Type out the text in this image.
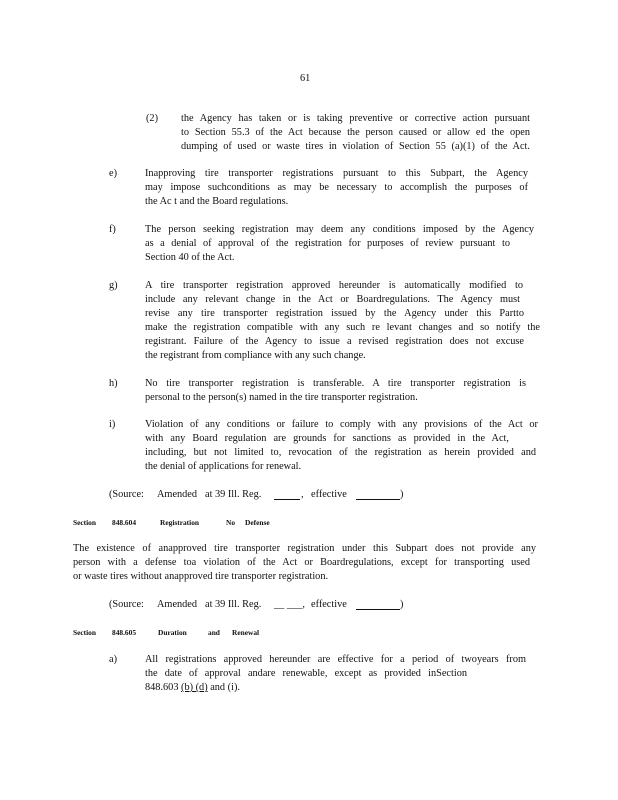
61
(2) the Agency has taken or is taking preventive or corrective action pursuant
to Section 55.3 of the Act because the person caused or allow ed the open
dumping of used or waste tires in violation of Section 55 (a)(1) of the Act.
e)	Inapproving tire transporter registrations pursuant to this Subpart, the Agency
may impose suchconditions as may be necessary to accomplish the purposes of
the Ac t and the Board regulations.
f)	The person seeking registration may deem any conditions imposed by the Agency
as a denial of approval of the registration for purposes of review pursuant to
Section 40 of the Act.
g)	A tire transporter registration approved hereunder is automatically modified to
include any relevant change in the Act or Boardregulations. The Agency must
revise any tire transporter registration issued by the Agency under this Partto
make the registration compatible with any such re levant changes and so notify the
registrant. Failure of the Agency to issue a revised registration does not excuse
the registrant from compliance with any such change.
h)	No tire transporter registration is transferable. A tire transporter registration is
personal to the person(s) named in the tire transporter registration.
i)	Violation of any conditions or failure to comply with any provisions of the Act or
with any Board regulation are grounds for sanctions as provided in the Act,
including, but not limited to, revocation of the registration as herein provided and
the denial of applications for renewal.
(Source: Amended at 39 Ill. Reg.	, effective	)
Section 848.604	Registration	No Defense
The existence of anapproved tire transporter registration under this Subpart does not provide any
person with a defense toa violation of the Act or Boardregulations, except for transporting used
or waste tires without anapproved tire transporter registration.
(Source: Amended at 39 Ill. Reg. __ ___, effective	)
Section 848.605	Duration	and Renewal
a)	All registrations approved hereunder are effective for a period of twoyears from
the date of approval andare renewable, except as provided inSection
848.603 (b) (d) and (i).
